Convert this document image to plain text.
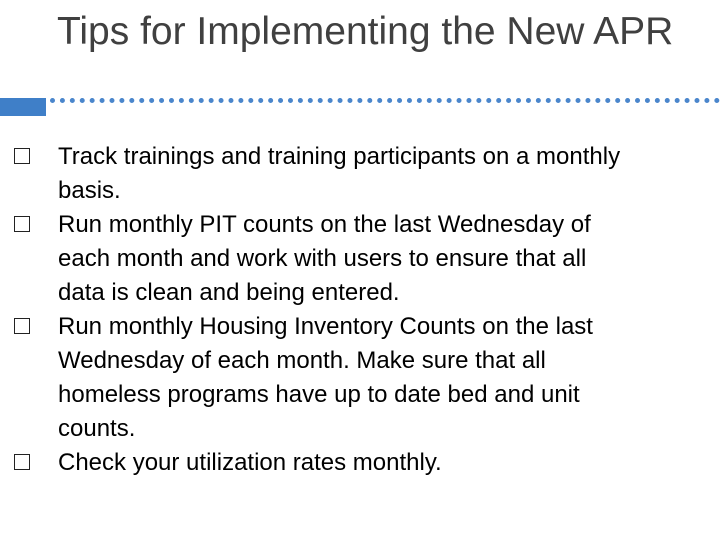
Tips for Implementing the New APR
Track trainings and training participants on a monthly basis.
Run monthly PIT counts on the last Wednesday of each month and work with users to ensure that all data is clean and being entered.
Run monthly Housing Inventory Counts on the last Wednesday of each month. Make sure that all homeless programs have up to date bed and unit counts.
Check your utilization rates monthly.
